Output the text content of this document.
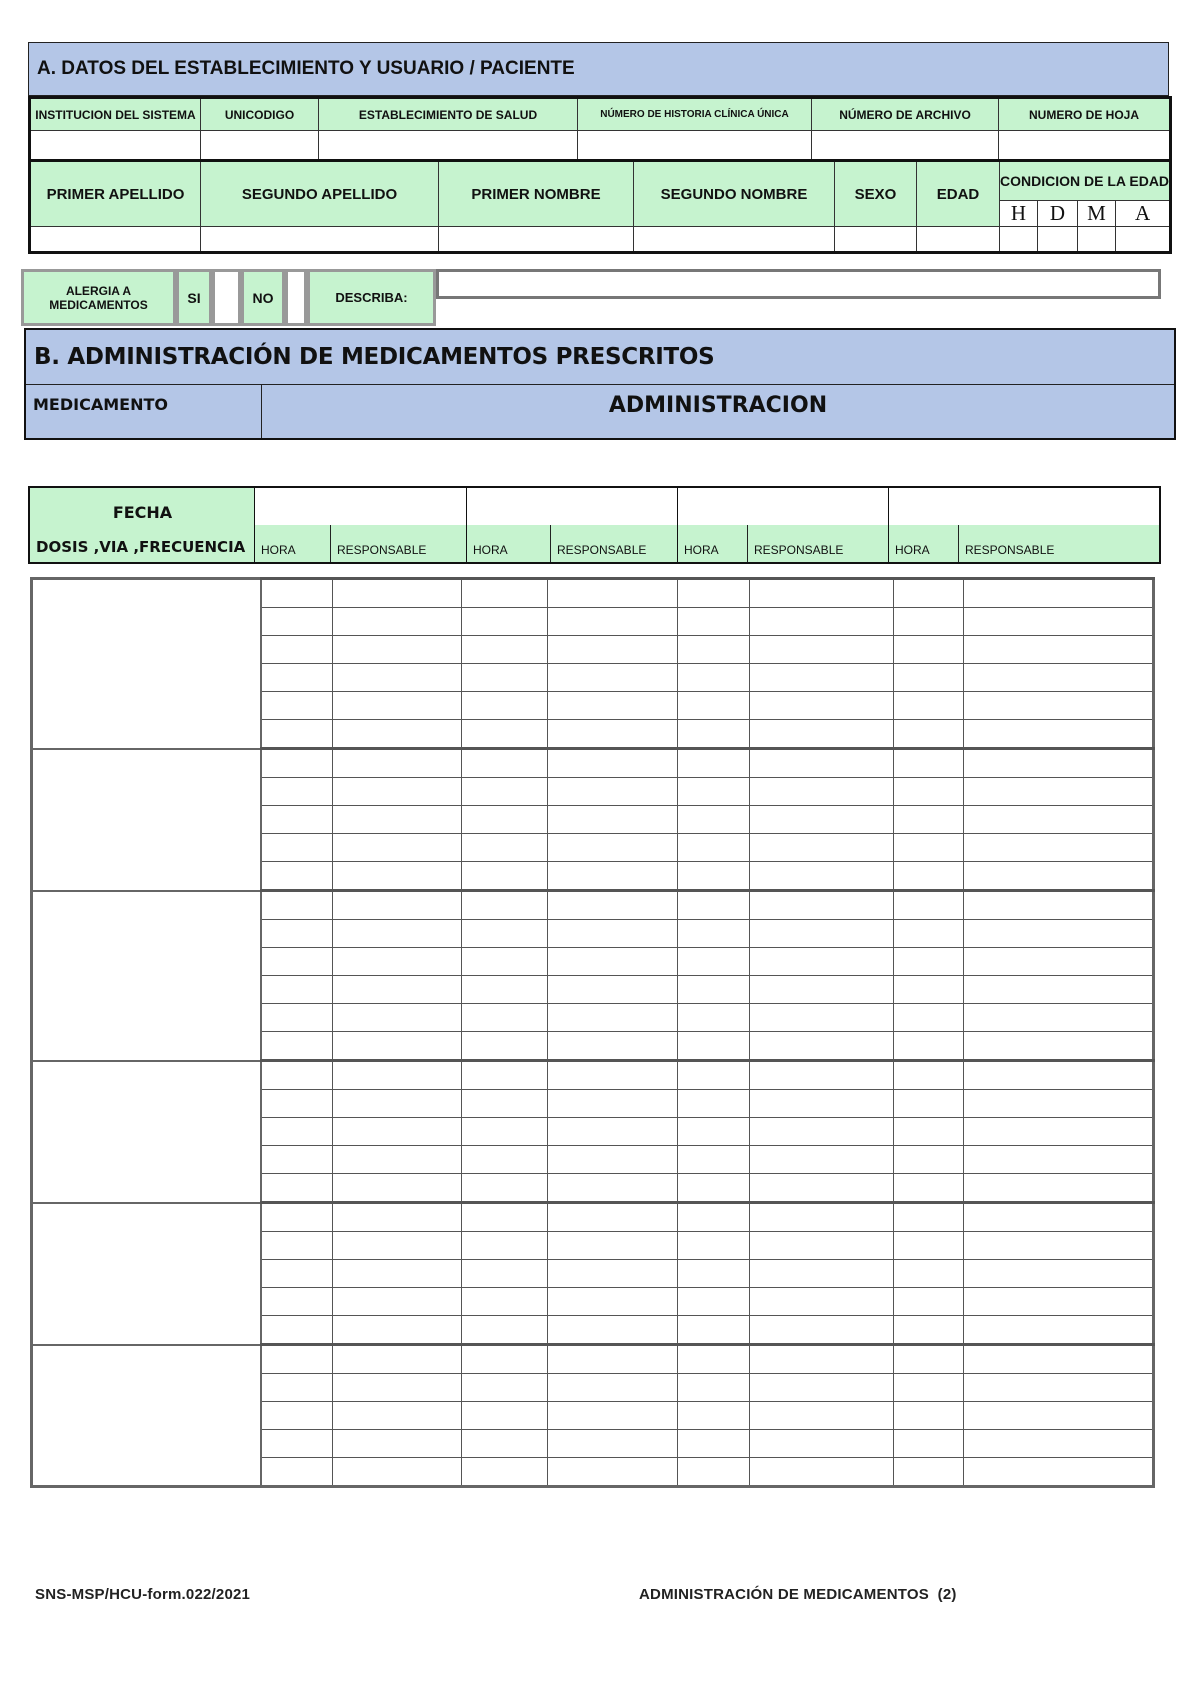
A. DATOS DEL ESTABLECIMIENTO Y USUARIO / PACIENTE
INSTITUCION DEL SISTEMA	UNICODIGO	ESTABLECIMIENTO DE SALUD	NÚMERO DE HISTORIA CLÍNICA ÚNICA	NÚMERO DE ARCHIVO	NUMERO DE HOJA

PRIMER APELLIDO	SEGUNDO APELLIDO	PRIMER NOMBRE	SEGUNDO NOMBRE	SEXO	EDAD	CONDICION DE LA EDAD			
						H	D	M	A

ALERGIA A MEDICAMENTOS	SI	NO	DESCRIBA:
B. ADMINISTRACIÓN DE MEDICAMENTOS PRESCRITOS
MEDICAMENTO	ADMINISTRACION
FECHA
DOSIS ,VIA ,FRECUENCIA	HORA	RESPONSABLE	HORA	RESPONSABLE	HORA	RESPONSABLE	HORA	RESPONSABLE

SNS-MSP/HCU-form.022/2021	ADMINISTRACIÓN DE MEDICAMENTOS  (2)
